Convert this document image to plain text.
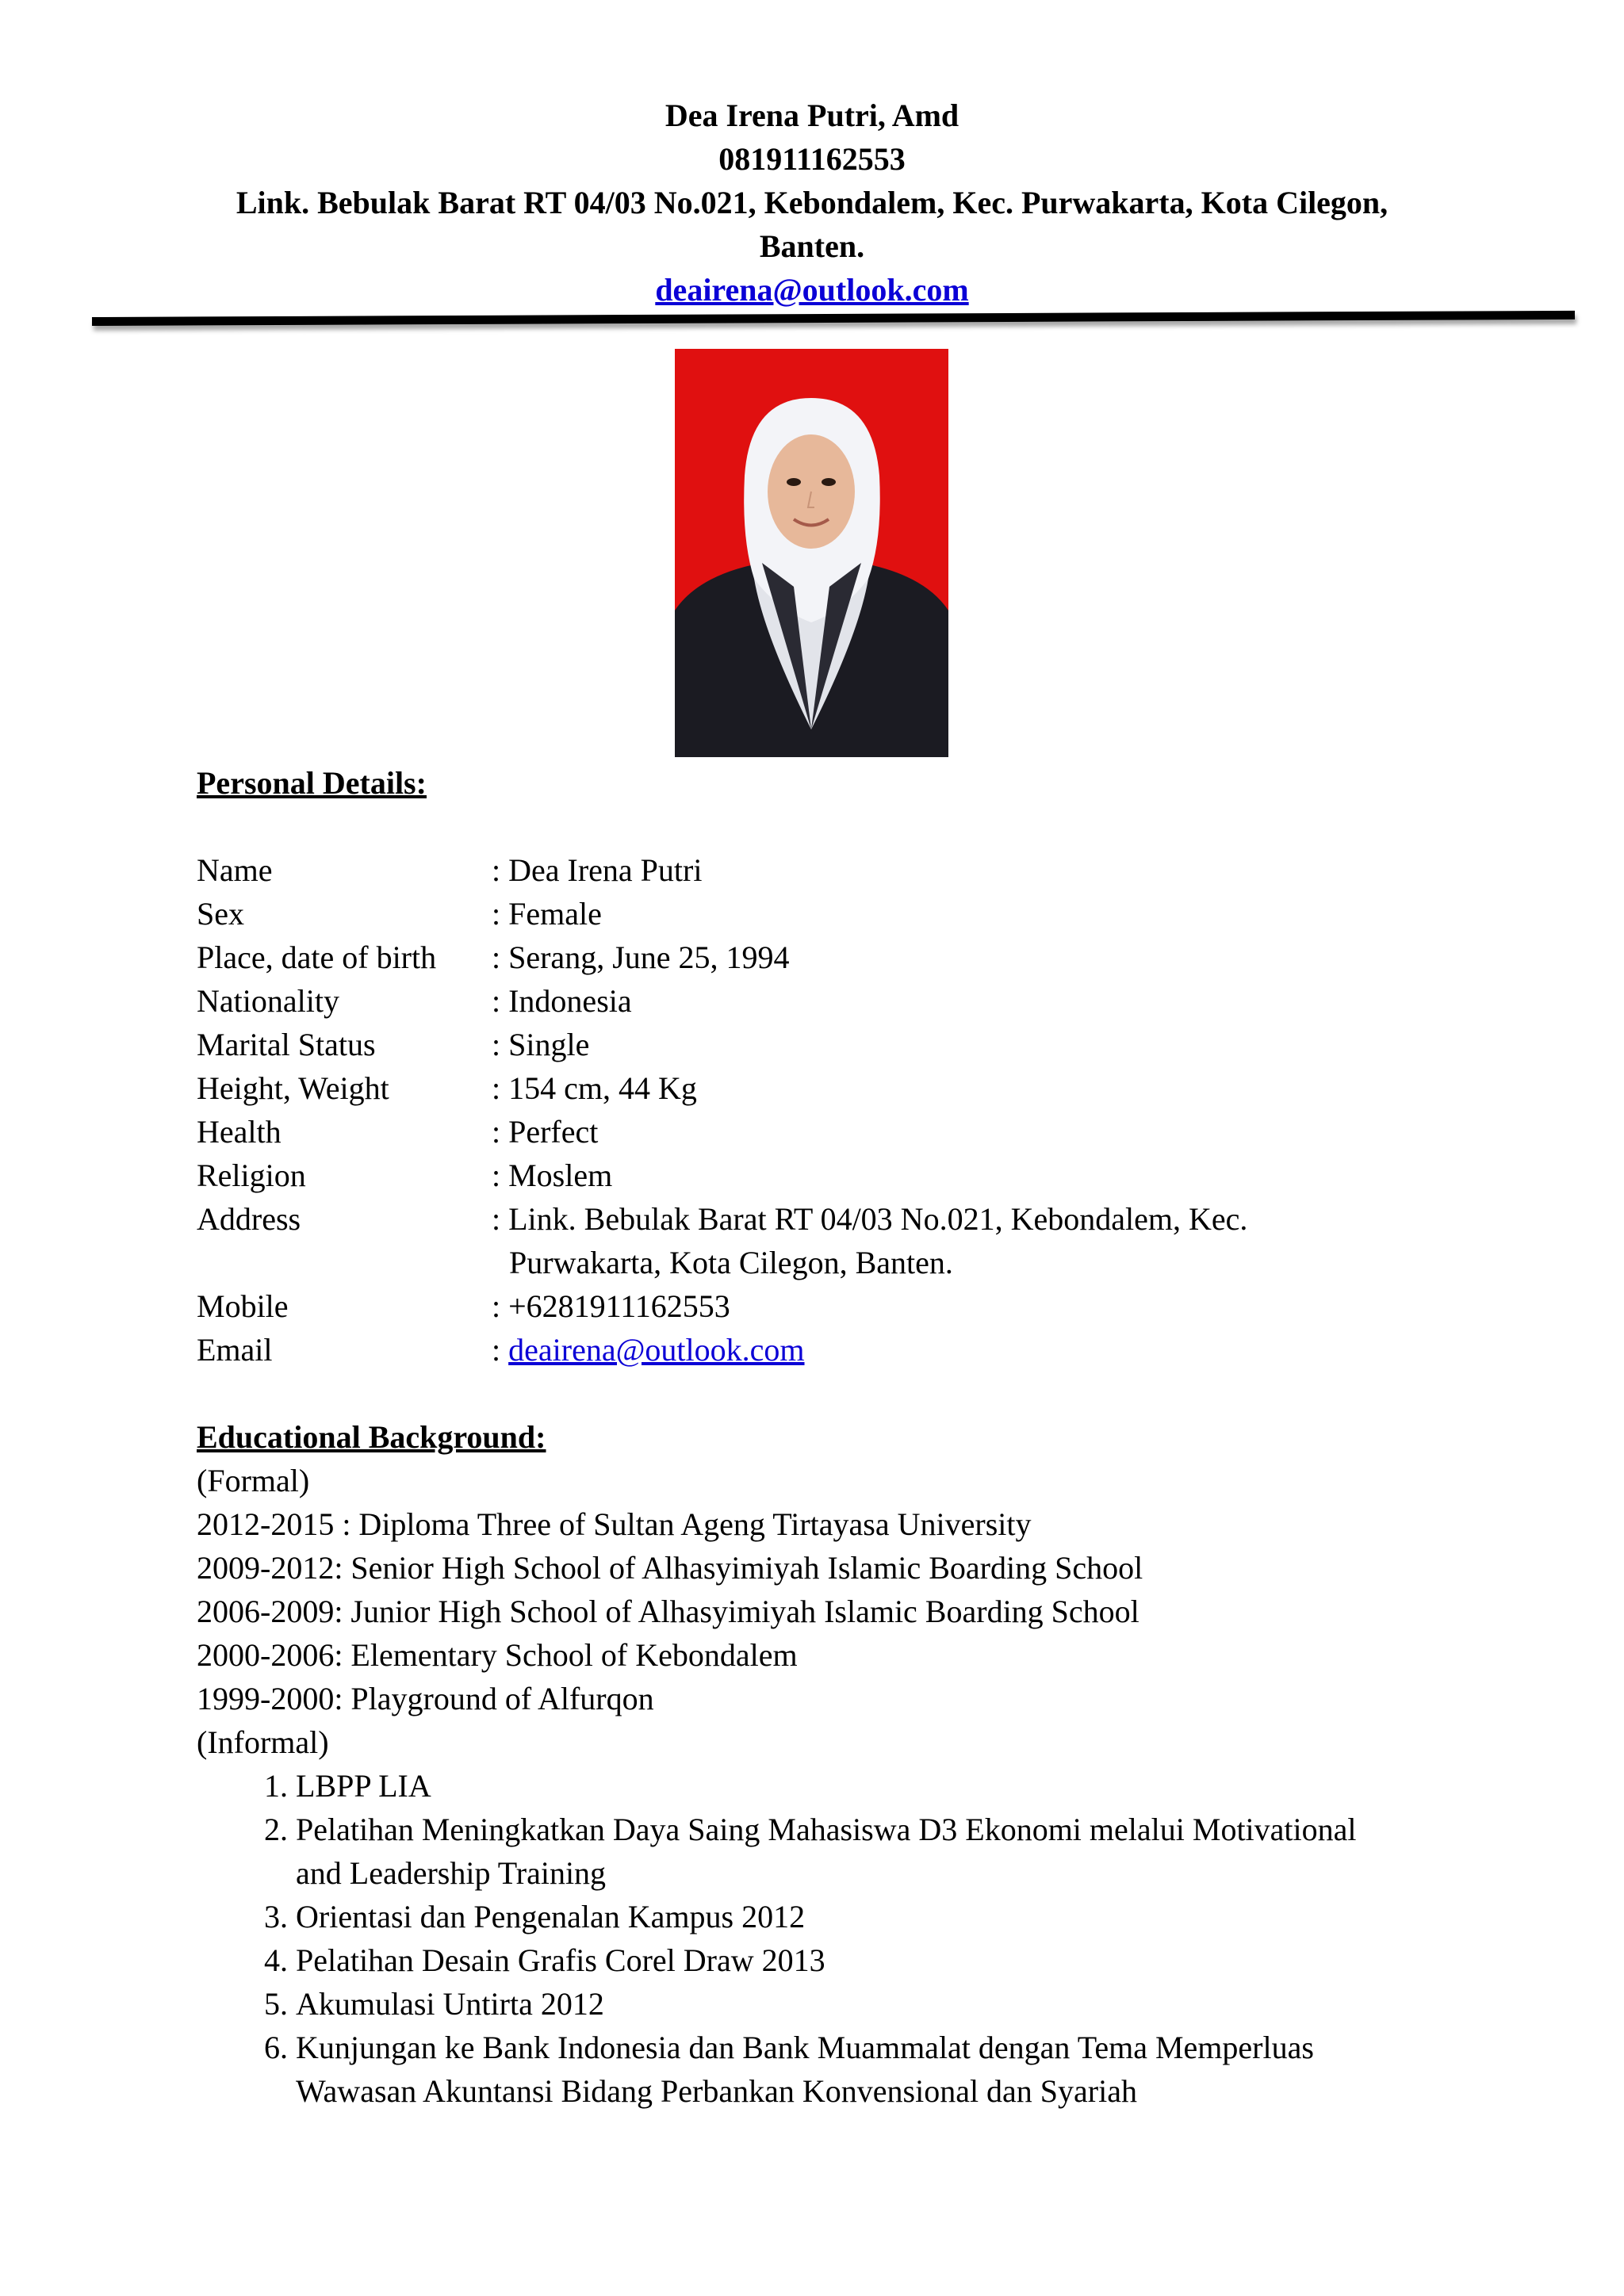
Dea Irena Putri, Amd
081911162553
Link. Bebulak Barat RT 04/03 No.021, Kebondalem, Kec. Purwakarta, Kota Cilegon, Banten.
deairena@outlook.com
Personal Details:
Name	: Dea Irena Putri
Sex	: Female
Place, date of birth	: Serang, June 25, 1994
Nationality	: Indonesia
Marital Status	: Single
Height, Weight	: 154 cm, 44 Kg
Health	: Perfect
Religion	: Moslem
Address	: Link. Bebulak Barat RT 04/03 No.021, Kebondalem, Kec.
Purwakarta, Kota Cilegon, Banten.
Mobile	: +6281911162553
Email	: deairena@outlook.com
Educational Background:
(Formal)
2012-2015 : Diploma Three of Sultan Ageng Tirtayasa University
2009-2012: Senior High School of Alhasyimiyah Islamic Boarding School
2006-2009: Junior High School of Alhasyimiyah Islamic Boarding School
2000-2006: Elementary School of Kebondalem
1999-2000: Playground of Alfurqon
(Informal)
1. LBPP LIA
2. Pelatihan Meningkatkan Daya Saing Mahasiswa D3 Ekonomi melalui Motivational and Leadership Training
3. Orientasi dan Pengenalan Kampus 2012
4. Pelatihan Desain Grafis Corel Draw 2013
5. Akumulasi Untirta 2012
6. Kunjungan ke Bank Indonesia dan Bank Muammalat dengan Tema Memperluas Wawasan Akuntansi Bidang Perbankan Konvensional dan Syariah
